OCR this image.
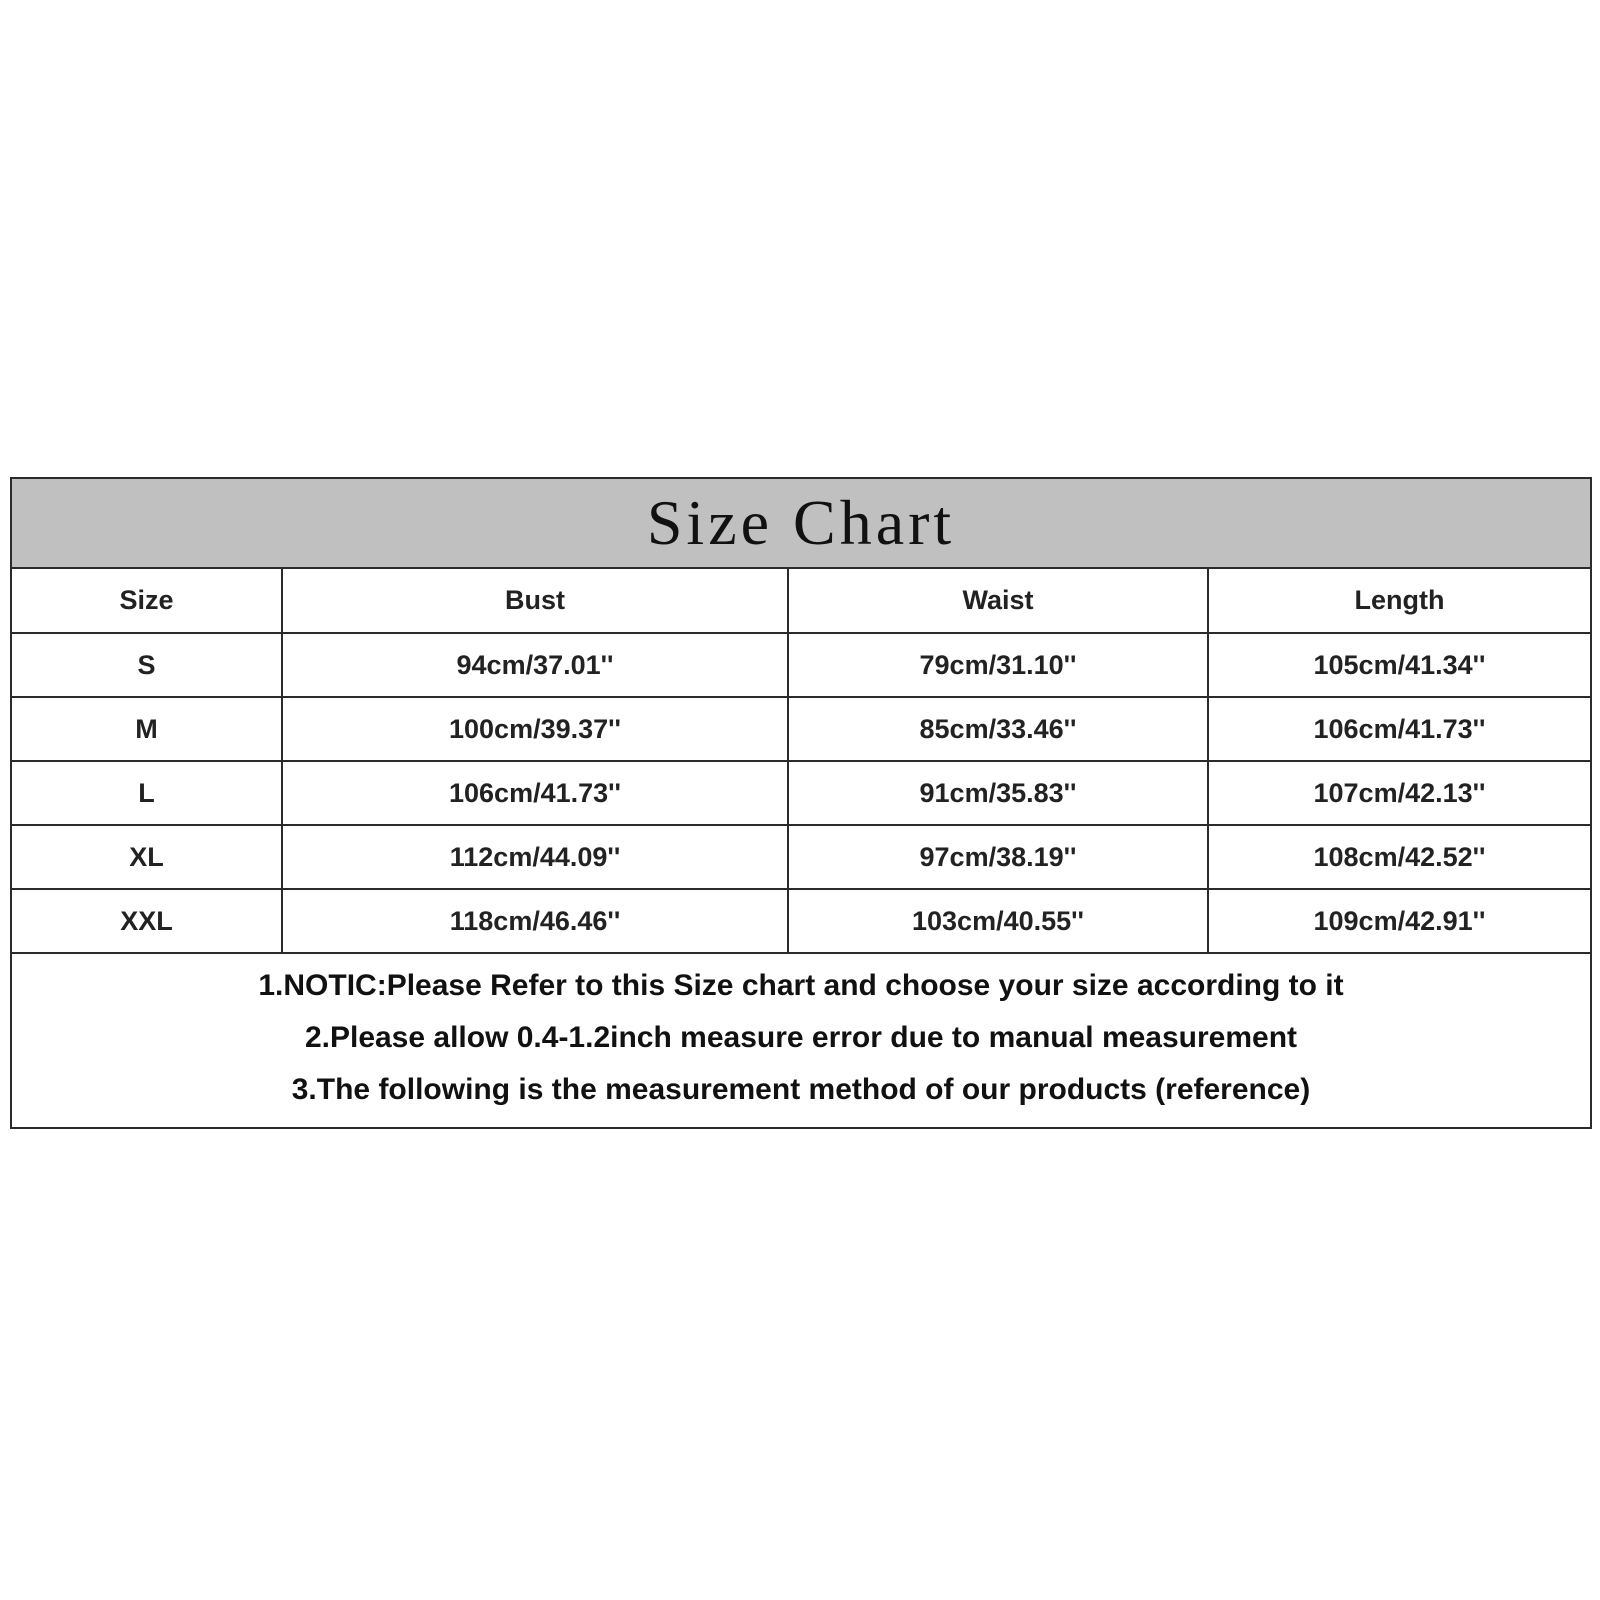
Size Chart
Size	Bust	Waist	Length
S	94cm/37.01''	79cm/31.10''	105cm/41.34''
M	100cm/39.37''	85cm/33.46''	106cm/41.73''
L	106cm/41.73''	91cm/35.83''	107cm/42.13''
XL	112cm/44.09''	97cm/38.19''	108cm/42.52''
XXL	118cm/46.46''	103cm/40.55''	109cm/42.91''
1.NOTIC:Please Refer to this Size chart and choose your size according to it
2.Please allow 0.4-1.2inch measure error due to manual measurement
3.The following is the measurement method of our products (reference)
